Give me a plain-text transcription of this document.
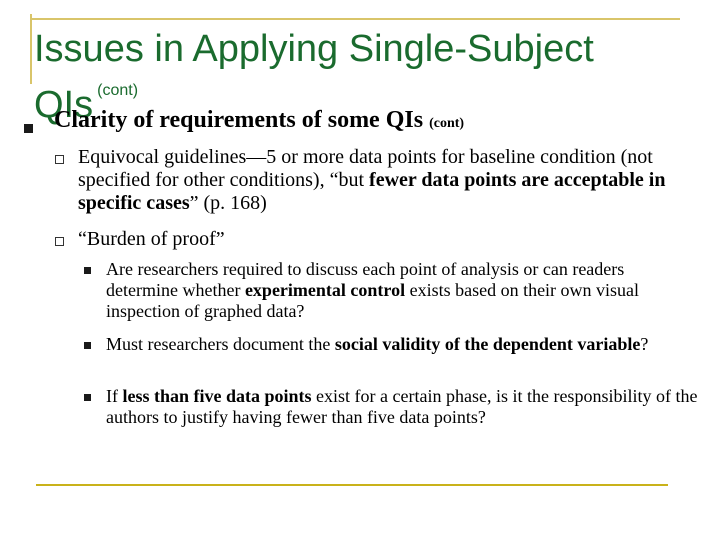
Issues in Applying Single-Subject QIs $^{(cont)}$
Clarity of requirements of some QIs (cont)
Equivocal guidelines—5 or more data points for baseline condition (not specified for other conditions), “but fewer data points are acceptable in specific cases” (p. 168)
“Burden of proof”
Are researchers required to discuss each point of analysis or can readers determine whether experimental control exists based on their own visual inspection of graphed data?
Must researchers document the social validity of the dependent variable?
If less than five data points exist for a certain phase, is it the responsibility of the authors to justify having fewer than five data points?
